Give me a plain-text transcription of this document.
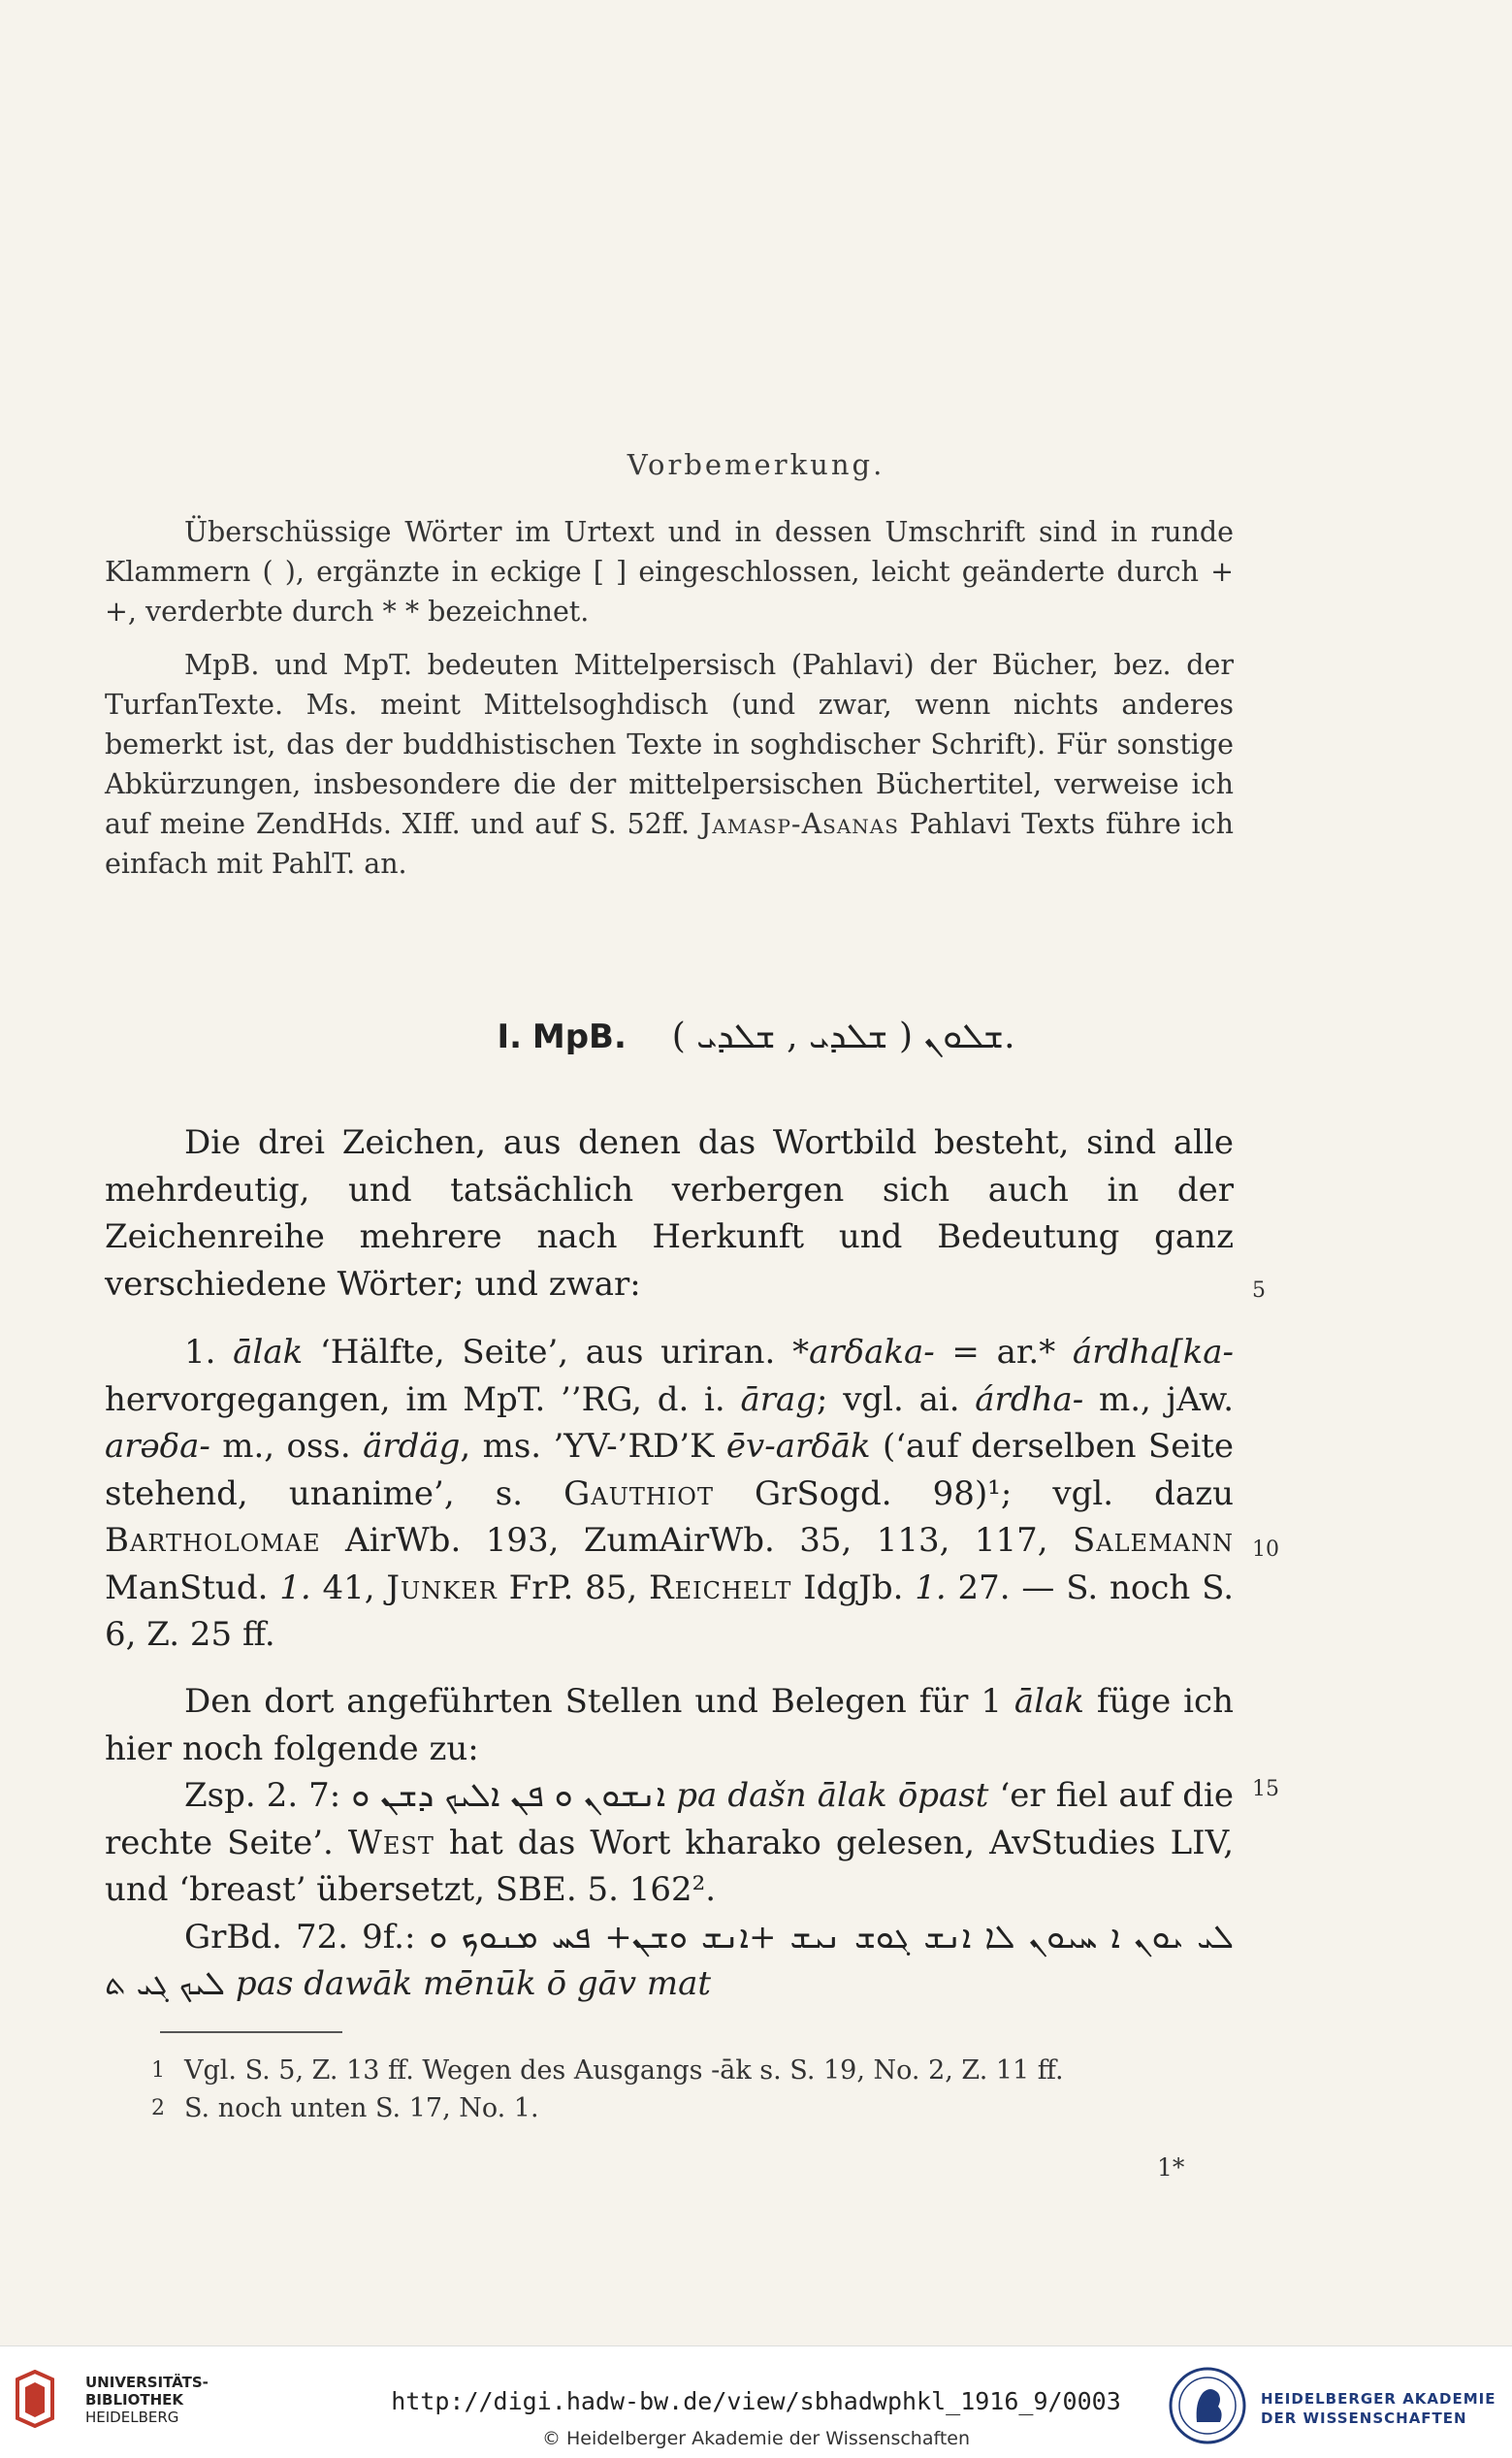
Vorbemerkung.

Überschüssige Wörter im Urtext und in dessen Umschrift sind in runde Klammern ( ), ergänzte in eckige [ ] eingeschlossen, leicht geänderte durch + +, verderbte durch * * bezeichnet.

MpB. und MpT. bedeuten Mittelpersisch (Pahlavi) der Bücher, bez. der TurfanTexte. Ms. meint Mittelsoghdisch (und zwar, wenn nichts anderes bemerkt ist, das der buddhistischen Texte in soghdischer Schrift). Für sonstige Abkürzungen, insbesondere die der mittelpersischen Büchertitel, verweise ich auf meine ZendHds. XIff. und auf S. 52ff. Jamasp-Asanas Pahlavi Texts führe ich einfach mit PahlT. an.

I. MpB. ܫܠܘܢ ( ܫܠܕܝ , ܫܠܕܝ ).

Die drei Zeichen, aus denen das Wortbild besteht, sind alle mehrdeutig, und tatsächlich verbergen sich auch in der Zeichenreihe mehrere nach Herkunft und Bedeutung ganz verschiedene Wörter; und zwar:	5
10
15

1. ālak ‘Hälfte, Seite’, aus uriran. *arδaka- = ar.* árdha[ka- hervorgegangen, im MpT. ’’RG, d. i. ārag; vgl. ai. árdha- m., jAw. arəδa- m., oss. ärdäg, ms. ’YV-’RD’K ēv-arδāk (‘auf derselben Seite stehend, unanime’, s. Gauthiot GrSogd. 98)¹; vgl. dazu Bartholomae AirWb. 193, ZumAirWb. 35, 113, 117, Salemann ManStud. 1. 41, Junker FrP. 85, Reichelt IdgJb. 1. 27. — S. noch S. 6, Z. 25 ff.

Den dort angeführten Stellen und Belegen für 1 ālak füge ich hier noch folgende zu:

Zsp. 2. 7: ܐܢܫܘܢ ܘ ܦܢ ܐܠܝܟ ܕܫܢ ܘ pa dašn ālak ōpast ‘er fiel auf die rechte Seite’. West hat das Wort kharako gelesen, AvStudies LIV, und ‘breast’ übersetzt, SBE. 5. 162².

GrBd. 72. 9f.:	ܠܝ ܝܘܢ ܐ ܚܝܘܢ ܠܐ ܐܢܫ ܓܘܫ ܢܝܫ +ܐܢܫ ܘܫܢ+ ܦܚ ܡܢܘܟ ܘ ܠܝܟ ܓܝ ܬ pas dawāk mēnūk ō gāv mat

1 Vgl. S. 5, Z. 13 ff. Wegen des Ausgangs -āk s. S. 19, No. 2, Z. 11 ff.
2 S. noch unten S. 17, No. 1.
1*
UNIVERSITÄTS-
BIBLIOTHEK
HEIDELBERG
http://digi.hadw-bw.de/view/sbhadwphkl_1916_9/0003
© Heidelberger Akademie der Wissenschaften
HEIDELBERGER AKADEMIE
DER WISSENSCHAFTEN
